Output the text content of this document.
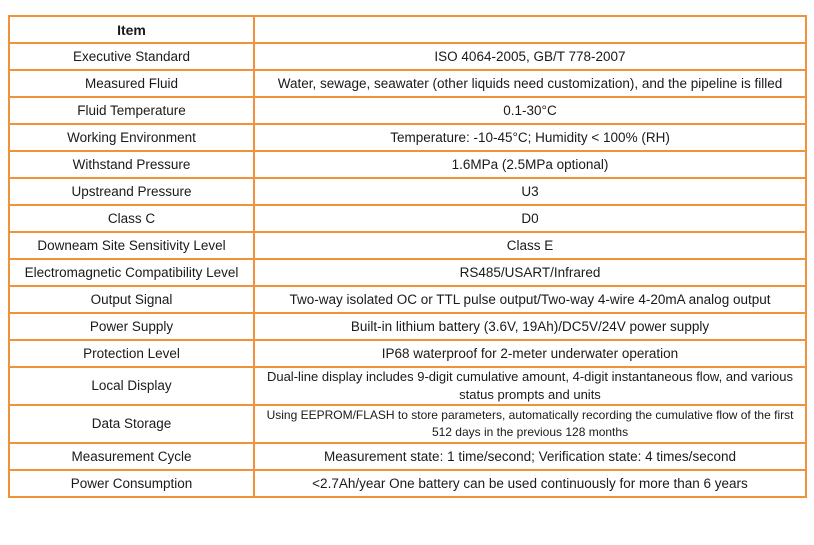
Item	
Executive Standard	ISO 4064-2005, GB/T 778-2007
Measured Fluid	Water, sewage, seawater (other liquids need customization), and the pipeline is filled
Fluid Temperature	0.1-30°C
Working Environment	Temperature: -10-45°C; Humidity < 100% (RH)
Withstand Pressure	1.6MPa (2.5MPa optional)
Upstreand Pressure	U3
Class C	D0
Downeam Site Sensitivity Level	Class E
Electromagnetic Compatibility Level	RS485/USART/Infrared
Output Signal	Two-way isolated OC or TTL pulse output/Two-way 4-wire 4-20mA analog output
Power Supply	Built-in lithium battery (3.6V, 19Ah)/DC5V/24V power supply
Protection Level	IP68 waterproof for 2-meter underwater operation
Local Display	Dual-line display includes 9-digit cumulative amount, 4-digit instantaneous flow, and various status prompts and units
Data Storage	Using EEPROM/FLASH to store parameters, automatically recording the cumulative flow of the first 512 days in the previous 128 months
Measurement Cycle	Measurement state: 1 time/second; Verification state: 4 times/second
Power Consumption	<2.7Ah/year One battery can be used continuously for more than 6 years
